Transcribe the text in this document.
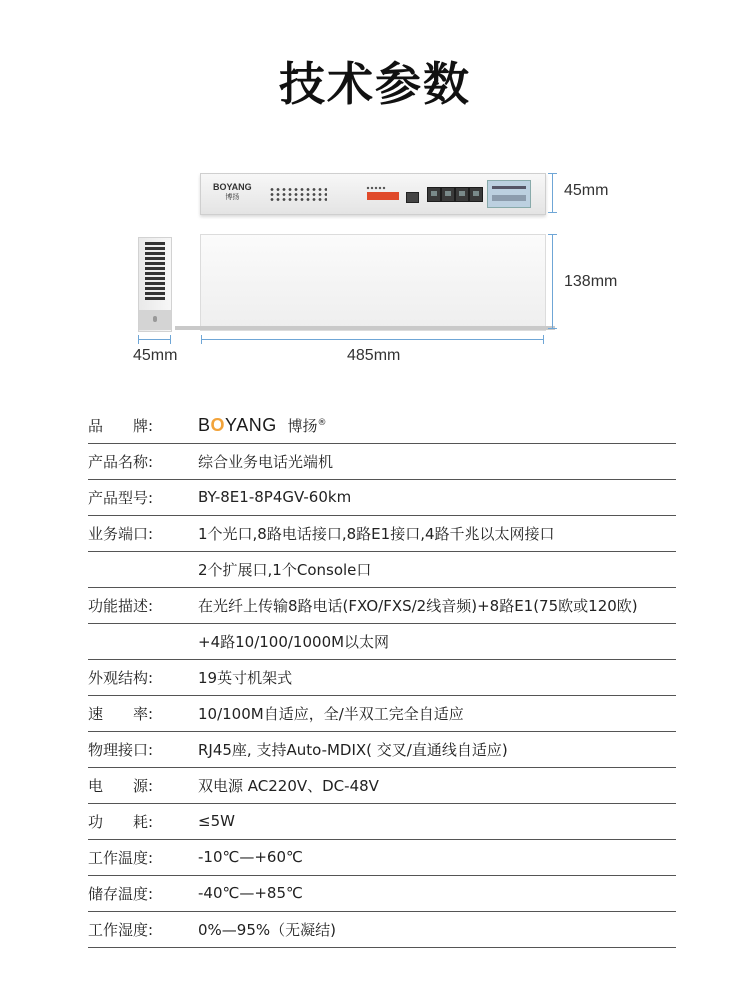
技术参数
BOYANG
博扬	45mm
138mm
45mm	485mm
品　　牌:	BOYANG 博扬®
产品名称:	综合业务电话光端机
产品型号:	BY-8E1-8P4GV-60km
业务端口:	1个光口,8路电话接口,8路E1接口,4路千兆以太网接口
2个扩展口,1个Console口
功能描述:	在光纤上传输8路电话(FXO/FXS/2线音频)+8路E1(75欧或120欧)
+4路10/100/1000M以太网
外观结构:	19英寸机架式
速　　率:	10/100M自适应，全/半双工完全自适应
物理接口:	RJ45座, 支持Auto-MDIX( 交叉/直通线自适应)
电　　源:	双电源 AC220V、DC-48V
功　　耗:	≤5W
工作温度:	-10℃—+60℃
储存温度:	-40℃—+85℃
工作湿度:	0%—95%（无凝结)
